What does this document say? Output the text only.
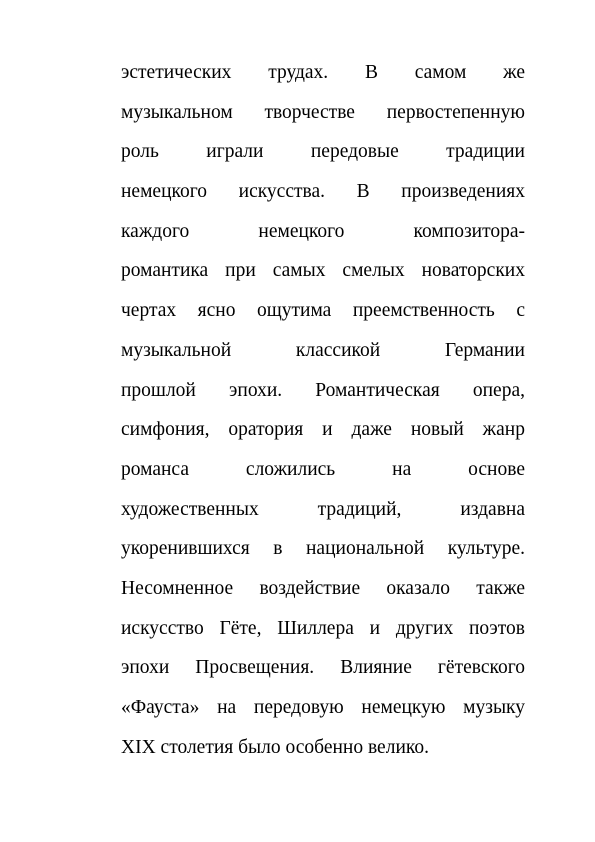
эстетических трудах. В самом же
музыкальном творчестве первостепенную
роль играли передовые традиции
немецкого искусства. В произведениях
каждого немецкого композитора-
романтика при самых смелых новаторских
чертах ясно ощутима преемственность с
музыкальной классикой Германии
прошлой эпохи. Романтическая опера,
симфония, оратория и даже новый жанр
романса сложились на основе
художественных традиций, издавна
укоренившихся в национальной культуре.
Несомненное воздействие оказало также
искусство Гёте, Шиллера и других поэтов
эпохи Просвещения. Влияние гётевского
«Фауста» на передовую немецкую музыку
XIX столетия было особенно велико.
